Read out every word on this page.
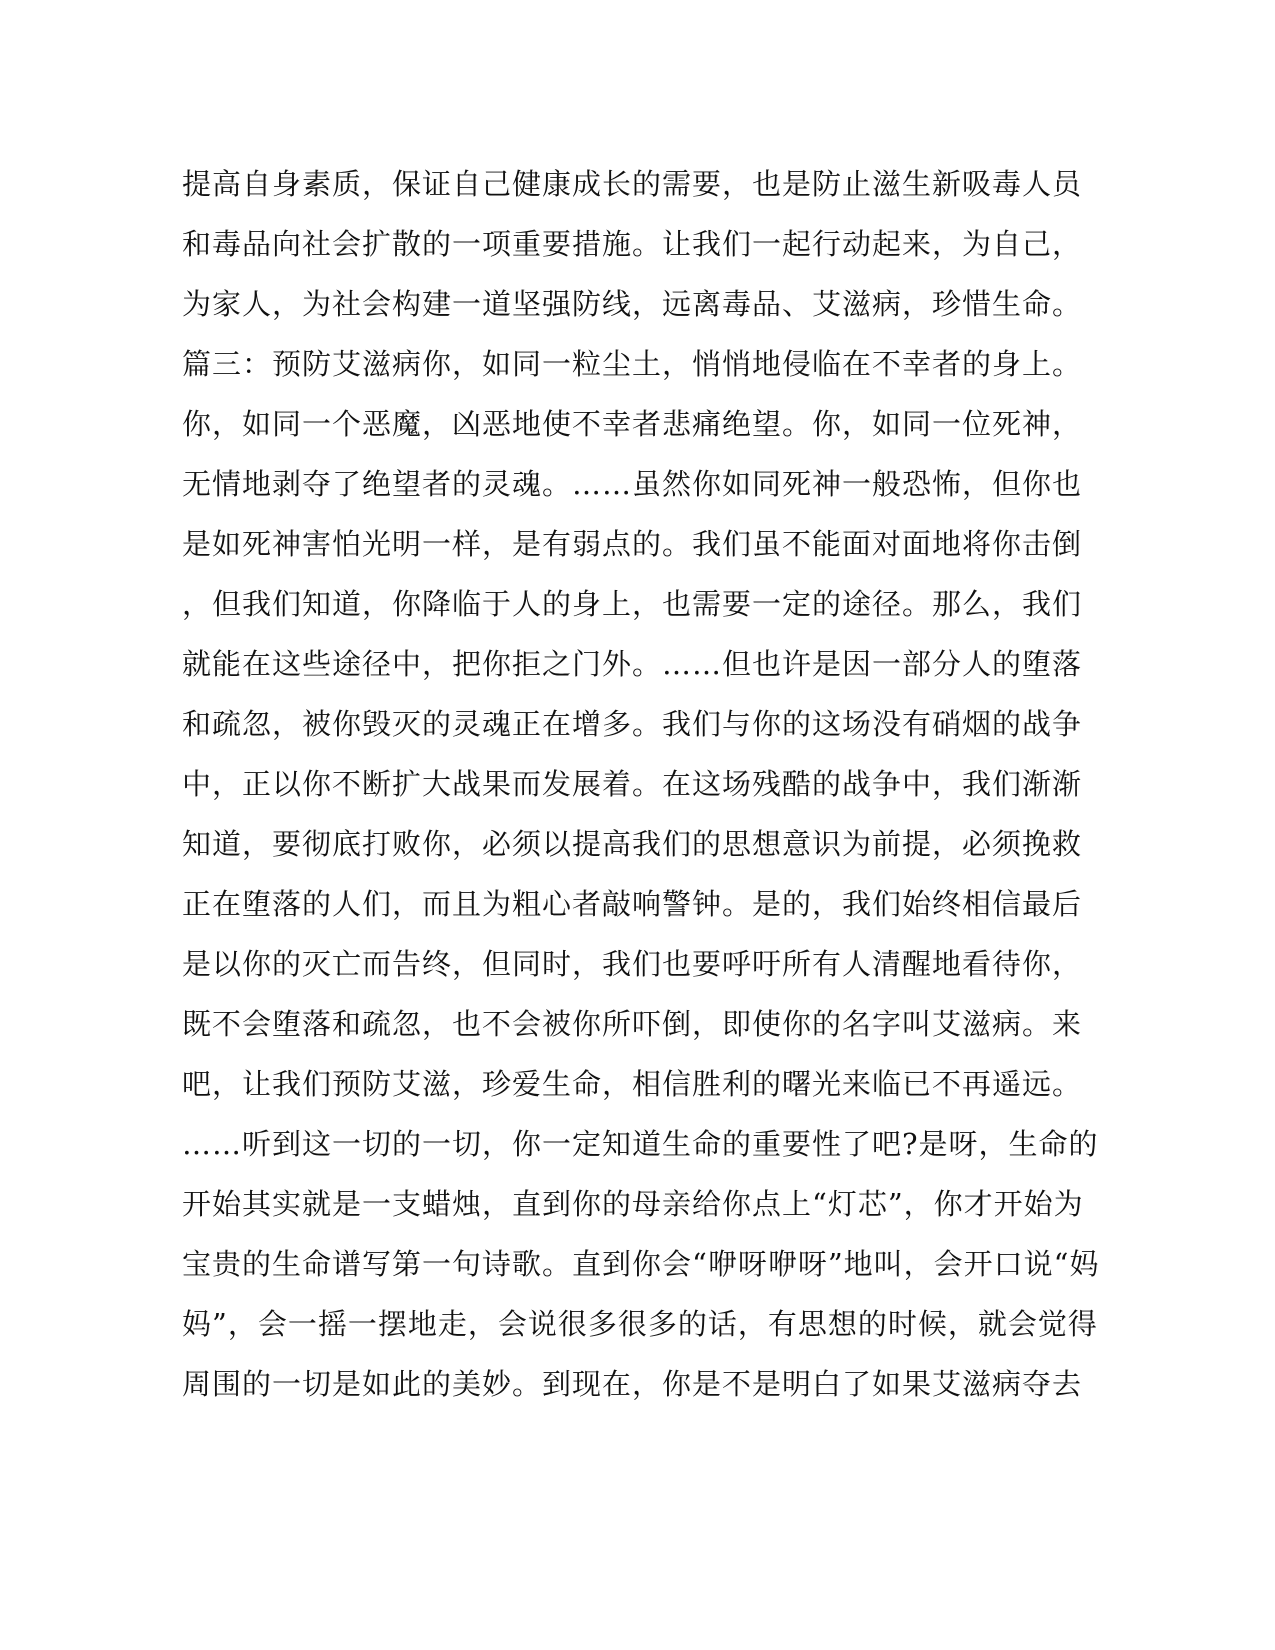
提高自身素质，保证自己健康成长的需要，也是防止滋生新吸毒人员
和毒品向社会扩散的一项重要措施。让我们一起行动起来，为自己，
为家人，为社会构建一道坚强防线，远离毒品、艾滋病，珍惜生命。
篇三：预防艾滋病你，如同一粒尘土，悄悄地侵临在不幸者的身上。
你，如同一个恶魔，凶恶地使不幸者悲痛绝望。你，如同一位死神，
无情地剥夺了绝望者的灵魂。……虽然你如同死神一般恐怖，但你也
是如死神害怕光明一样，是有弱点的。我们虽不能面对面地将你击倒
，但我们知道，你降临于人的身上，也需要一定的途径。那么，我们
就能在这些途径中，把你拒之门外。……但也许是因一部分人的堕落
和疏忽，被你毁灭的灵魂正在增多。我们与你的这场没有硝烟的战争
中，正以你不断扩大战果而发展着。在这场残酷的战争中，我们渐渐
知道，要彻底打败你，必须以提高我们的思想意识为前提，必须挽救
正在堕落的人们，而且为粗心者敲响警钟。是的，我们始终相信最后
是以你的灭亡而告终，但同时，我们也要呼吁所有人清醒地看待你，
既不会堕落和疏忽，也不会被你所吓倒，即使你的名字叫艾滋病。来
吧，让我们预防艾滋，珍爱生命，相信胜利的曙光来临已不再遥远。
……听到这一切的一切，你一定知道生命的重要性了吧?是呀，生命的
开始其实就是一支蜡烛，直到你的母亲给你点上“灯芯”，你才开始为
宝贵的生命谱写第一句诗歌。直到你会“咿呀咿呀”地叫，会开口说“妈
妈”，会一摇一摆地走，会说很多很多的话，有思想的时候，就会觉得
周围的一切是如此的美妙。到现在，你是不是明白了如果艾滋病夺去
